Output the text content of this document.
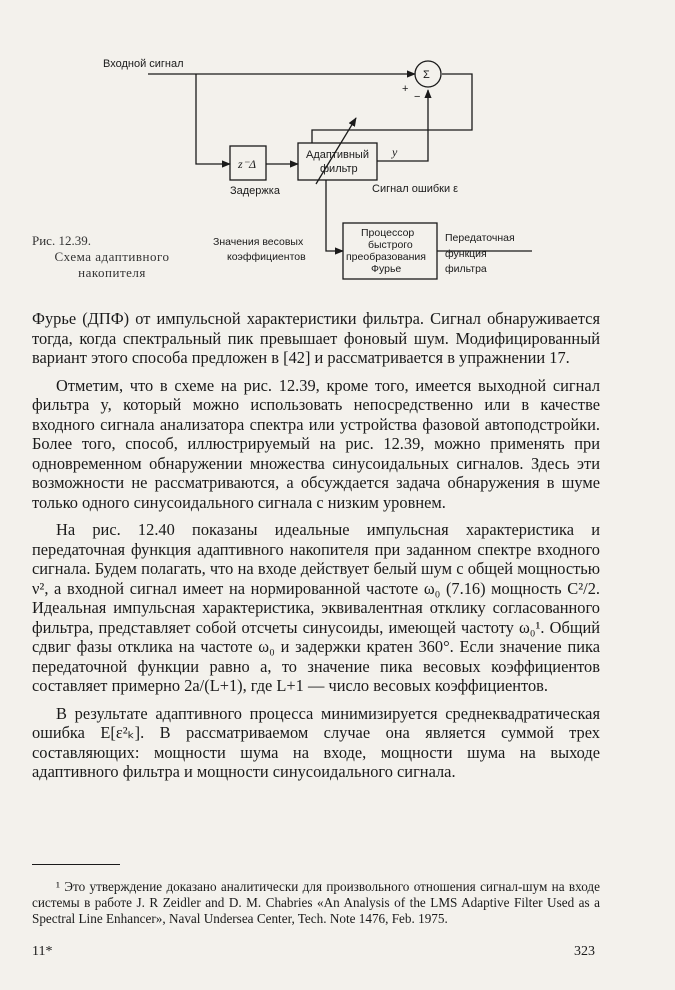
Входной сигнал
Σ
+
−
z⁻Δ
Задержка
Адаптивный
фильтр
y
Сигнал ошибки ε
Значения весовых
коэффициентов
Процессор
быстрого
преобразования
Фурье
Передаточная
функция
фильтра
Рис. 12.39.
Схема адаптивного накопителя

Фурье (ДПФ) от импульсной характеристики фильтра. Сигнал обнаруживается тогда, когда спектральный пик превышает фоновый шум. Модифицированный вариант этого способа предложен в [42] и рассматривается в упражнении 17.

Отметим, что в схеме на рис. 12.39, кроме того, имеется выходной сигнал фильтра y, который можно использовать непосредственно или в качестве входного сигнала анализатора спектра или устройства фазовой автоподстройки. Более того, способ, иллюстрируемый на рис. 12.39, можно применять при одновременном обнаружении множества синусоидальных сигналов. Здесь эти возможности не рассматриваются, а обсуждается задача обнаружения в шуме только одного синусоидального сигнала с низким уровнем.

На рис. 12.40 показаны идеальные импульсная характеристика и передаточная функция адаптивного накопителя при заданном спектре входного сигнала. Будем полагать, что на входе действует белый шум с общей мощностью ν², а входной сигнал имеет на нормированной частоте ω₀ (7.16) мощность C²/2. Идеальная импульсная характеристика, эквивалентная отклику согласованного фильтра, представляет собой отсчеты синусоиды, имеющей частоту ω₀¹. Общий сдвиг фазы отклика на частоте ω₀ и задержки кратен 360°. Если значение пика передаточной функции равно a, то значение пика весовых коэффициентов составляет примерно 2a/(L+1), где L+1 — число весовых коэффициентов.

В результате адаптивного процесса минимизируется среднеквадратическая ошибка E[ε²ₖ]. В рассматриваемом случае она является суммой трех составляющих: мощности шума на входе, мощности шума на выходе адаптивного фильтра и мощности синусоидального сигнала.

¹ Это утверждение доказано аналитически для произвольного отношения сигнал-шум на входе системы в работе J. R Zeidler and D. M. Chabries «An Analysis of the LMS Adaptive Filter Used as a Spectral Line Enhancer», Naval Undersea Center, Tech. Note 1476, Feb. 1975.
11*	323
